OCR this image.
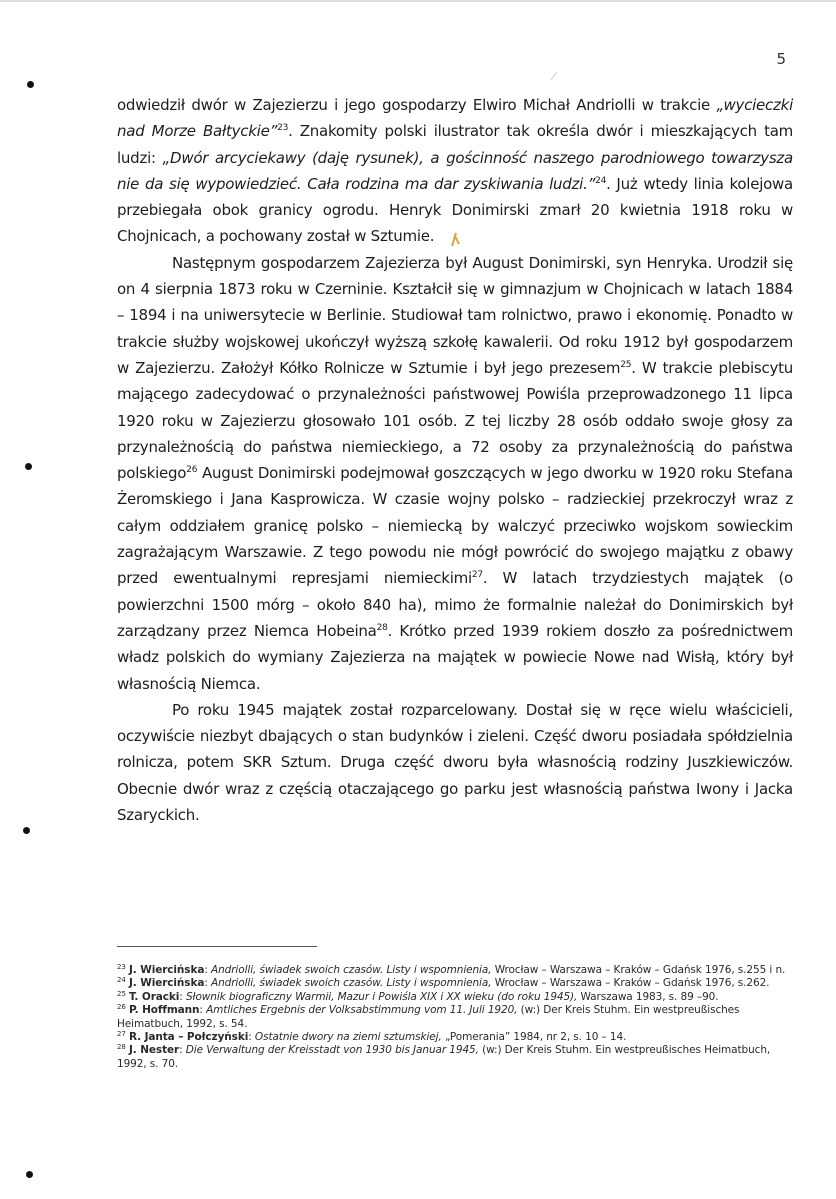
5

odwiedził dwór w Zajezierzu i jego gospodarzy Elwiro Michał Andriolli w trakcie „wycieczki nad Morze Bałtyckie”$^{23}$. Znakomity polski ilustrator tak określa dwór i mieszkających tam ludzi: „Dwór arcyciekawy (daję rysunek), a gościnność naszego parodniowego towarzysza nie da się wypowiedzieć. Cała rodzina ma dar zyskiwania ludzi.”$^{24}$. Już wtedy linia kolejowa przebiegała obok granicy ogrodu. Henryk Donimirski zmarł 20 kwietnia 1918 roku w Chojnicach, a pochowany został w Sztumie.

Następnym gospodarzem Zajezierza był August Donimirski, syn Henryka. Urodził się on 4 sierpnia 1873 roku w Czerninie. Kształcił się w gimnazjum w Chojnicach w latach 1884 – 1894 i na uniwersytecie w Berlinie. Studiował tam rolnictwo, prawo i ekonomię. Ponadto w trakcie służby wojskowej ukończył wyższą szkołę kawalerii. Od roku 1912 był gospodarzem w Zajezierzu. Założył Kółko Rolnicze w Sztumie i był jego prezesem$^{25}$. W trakcie plebiscytu mającego zadecydować o przynależności państwowej Powiśla przeprowadzonego 11 lipca 1920 roku w Zajezierzu głosowało 101 osób. Z tej liczby 28 osób oddało swoje głosy za przynależnością do państwa niemieckiego, a 72 osoby za przynależnością do państwa polskiego$^{26}$ August Donimirski podejmował goszczących w jego dworku w 1920 roku Stefana Żeromskiego i Jana Kasprowicza. W czasie wojny polsko – radzieckiej przekroczył wraz z całym oddziałem granicę polsko – niemiecką by walczyć przeciwko wojskom sowieckim zagrażającym Warszawie. Z tego powodu nie mógł powrócić do swojego majątku z obawy przed ewentualnymi represjami niemieckimi$^{27}$. W latach trzydziestych majątek (o powierzchni 1500 mórg – około 840 ha), mimo że formalnie należał do Donimirskich był zarządzany przez Niemca Hobeina$^{28}$. Krótko przed 1939 rokiem doszło za pośrednictwem władz polskich do wymiany Zajezierza na majątek w powiecie Nowe nad Wisłą, który był własnością Niemca.

Po roku 1945 majątek został rozparcelowany. Dostał się w ręce wielu właścicieli, oczywiście niezbyt dbających o stan budynków i zieleni. Część dworu posiadała spółdzielnia rolnicza, potem SKR Sztum. Druga część dworu była własnością rodziny Juszkiewiczów. Obecnie dwór wraz z częścią otaczającego go parku jest własnością państwa Iwony i Jacka Szaryckich.

$^{23}$ J. Wiercińska: Andriolli, świadek swoich czasów. Listy i wspomnienia, Wrocław – Warszawa – Kraków – Gdańsk 1976, s.255 i n.
$^{24}$ J. Wiercińska: Andriolli, świadek swoich czasów. Listy i wspomnienia, Wrocław – Warszawa – Kraków – Gdańsk 1976, s.262.
$^{25}$ T. Oracki: Słownik biograficzny Warmii, Mazur i Powiśla XIX i XX wieku (do roku 1945), Warszawa 1983, s. 89 –90.
$^{26}$ P. Hoffmann: Amtliches Ergebnis der Volksabstimmung vom 11. Juli 1920, (w:) Der Kreis Stuhm. Ein westpreußisches Heimatbuch, 1992, s. 54.
$^{27}$ R. Janta – Połczyński: Ostatnie dwory na ziemi sztumskiej, „Pomerania” 1984, nr 2, s. 10 – 14.
$^{28}$ J. Nester: Die Verwaltung der Kreisstadt von 1930 bis Januar 1945, (w:) Der Kreis Stuhm. Ein westpreußisches Heimatbuch, 1992, s. 70.
